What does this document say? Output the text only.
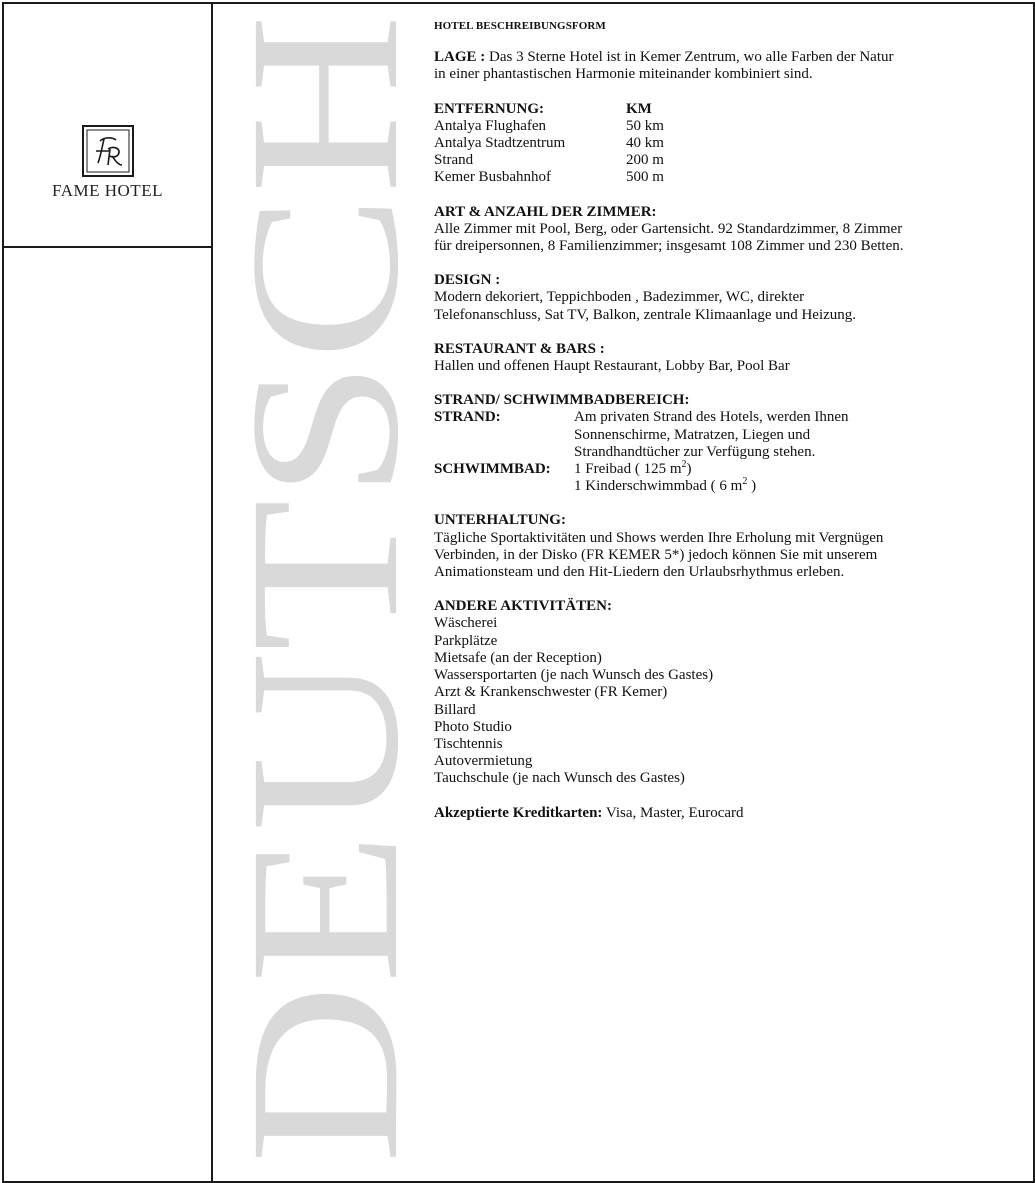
FAME HOTEL DEUTSCH
HOTEL BESCHREIBUNGSFORM
LAGE : Das 3 Sterne Hotel ist in Kemer Zentrum, wo alle Farben der Natur in einer phantastischen Harmonie miteinander kombiniert sind.
ENTFERNUNG:	KM
Antalya Flughafen	50 km
Antalya Stadtzentrum	40 km
Strand	200 m
Kemer Busbahnhof	500 m
ART & ANZAHL DER ZIMMER:
Alle Zimmer mit Pool, Berg, oder Gartensicht. 92 Standardzimmer, 8 Zimmer für dreipersonnen, 8 Familienzimmer; insgesamt 108 Zimmer und 230 Betten.
DESIGN :
Modern dekoriert, Teppichboden , Badezimmer, WC, direkter Telefonanschluss, Sat TV, Balkon, zentrale Klimaanlage und Heizung.
RESTAURANT & BARS :
Hallen und offenen Haupt Restaurant, Lobby Bar, Pool Bar
STRAND/ SCHWIMMBADBEREICH:
STRAND:	Am privaten Strand des Hotels, werden Ihnen Sonnenschirme, Matratzen, Liegen und Strandhandtücher zur Verfügung stehen.
SCHWIMMBAD:	1 Freibad ( 125 $m^2$)
1 Kinderschwimmbad ( 6 $m^2$ )
UNTERHALTUNG:
Tägliche Sportaktivitäten und Shows werden Ihre Erholung mit Vergnügen Verbinden, in der Disko (FR KEMER 5*) jedoch können Sie mit unserem Animationsteam und den Hit-Liedern den Urlaubsrhythmus erleben.
ANDERE AKTIVITÄTEN:
Wäscherei
Parkplätze
Mietsafe (an der Reception)
Wassersportarten (je nach Wunsch des Gastes)
Arzt & Krankenschwester (FR Kemer)
Billard
Photo Studio
Tischtennis
Autovermietung
Tauchschule (je nach Wunsch des Gastes)
Akzeptierte Kreditkarten: Visa, Master, Eurocard
